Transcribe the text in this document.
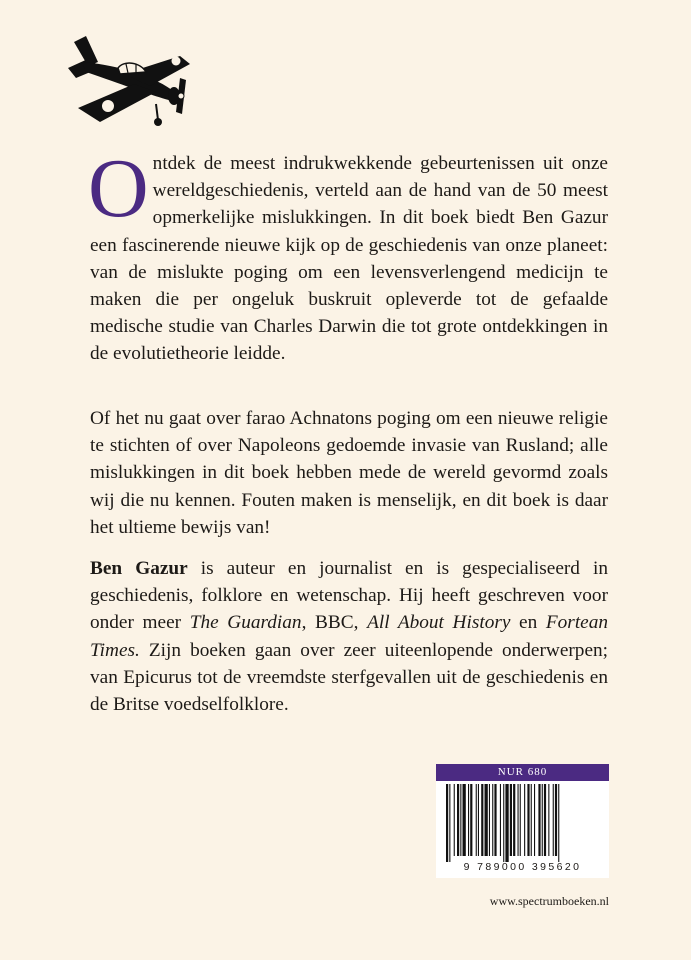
Ontdek de meest indrukwekkende gebeurtenissen uit onze wereldgeschiedenis, verteld aan de hand van de 50 meest opmerkelijke mislukkingen. In dit boek biedt Ben Gazur een fascinerende nieuwe kijk op de geschiedenis van onze planeet: van de mislukte poging om een levensverlengend medicijn te maken die per ongeluk buskruit opleverde tot de gefaalde medische studie van Charles Darwin die tot grote ontdekkingen in de evolutietheorie leidde.

Of het nu gaat over farao Achnatons poging om een nieuwe religie te stichten of over Napoleons gedoemde invasie van Rusland; alle mislukkingen in dit boek hebben mede de wereld gevormd zoals wij die nu kennen. Fouten maken is menselijk, en dit boek is daar het ultieme bewijs van!

Ben Gazur is auteur en journalist en is gespecialiseerd in geschiedenis, folklore en wetenschap. Hij heeft geschreven voor onder meer The Guardian, BBC, All About History en Fortean Times. Zijn boeken gaan over zeer uiteenlopende onderwerpen; van Epicurus tot de vreemdste sterfgevallen uit de geschiedenis en de Britse voedselfolklore.

NUR 680
9 789000 395620
www.spectrumboeken.nl
